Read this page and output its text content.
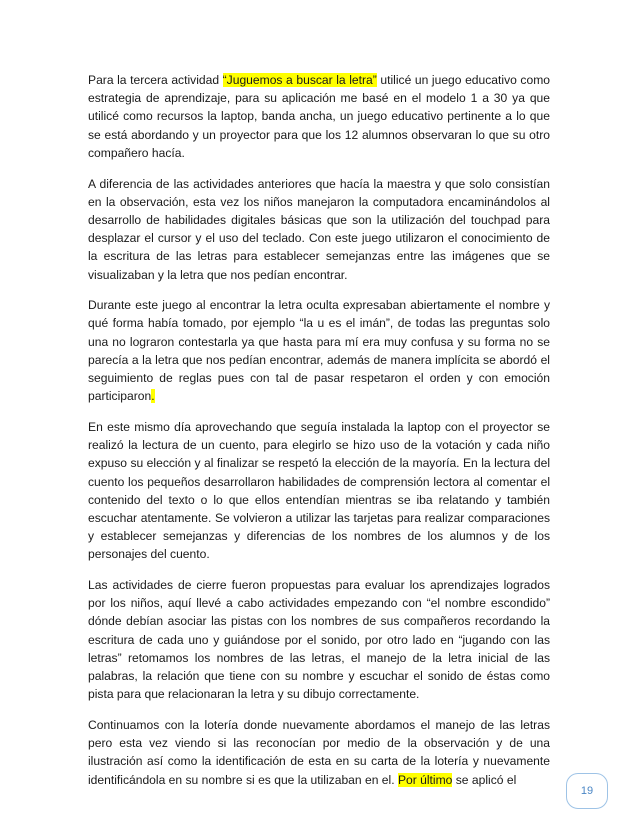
Para la tercera actividad “Juguemos a buscar la letra” utilicé un juego educativo como estrategia de aprendizaje, para su aplicación me basé en el modelo 1 a 30 ya que utilicé como recursos la laptop, banda ancha, un juego educativo pertinente a lo que se está abordando y un proyector para que los 12 alumnos observaran lo que su otro compañero hacía.

A diferencia de las actividades anteriores que hacía la maestra y que solo consistían en la observación, esta vez los niños manejaron la computadora encaminándolos al desarrollo de habilidades digitales básicas que son la utilización del touchpad para desplazar el cursor y el uso del teclado. Con este juego utilizaron el conocimiento de la escritura de las letras para establecer semejanzas entre las imágenes que se visualizaban y la letra que nos pedían encontrar.

Durante este juego al encontrar la letra oculta expresaban abiertamente el nombre y qué forma había tomado, por ejemplo “la u es el imán”, de todas las preguntas solo una no lograron contestarla ya que hasta para mí era muy confusa y su forma no se parecía a la letra que nos pedían encontrar, además de manera implícita se abordó el seguimiento de reglas pues con tal de pasar respetaron el orden y con emoción participaron.

En este mismo día aprovechando que seguía instalada la laptop con el proyector se realizó la lectura de un cuento, para elegirlo se hizo uso de la votación y cada niño expuso su elección y al finalizar se respetó la elección de la mayoría. En la lectura del cuento los pequeños desarrollaron habilidades de comprensión lectora al comentar el contenido del texto o lo que ellos entendían mientras se iba relatando y también escuchar atentamente. Se volvieron a utilizar las tarjetas para realizar comparaciones y establecer semejanzas y diferencias de los nombres de los alumnos y de los personajes del cuento.

Las actividades de cierre fueron propuestas para evaluar los aprendizajes logrados por los niños, aquí llevé a cabo actividades empezando con “el nombre escondido” dónde debían asociar las pistas con los nombres de sus compañeros recordando la escritura de cada uno y guiándose por el sonido, por otro lado en “jugando con las letras” retomamos los nombres de las letras, el manejo de la letra inicial de las palabras, la relación que tiene con su nombre y escuchar el sonido de éstas como pista para que relacionaran la letra y su dibujo correctamente.

Continuamos con la lotería donde nuevamente abordamos el manejo de las letras pero esta vez viendo si las reconocían por medio de la observación y de una ilustración así como la identificación de esta en su carta de la lotería y nuevamente identificándola en su nombre si es que la utilizaban en el. Por último se aplicó el

19
